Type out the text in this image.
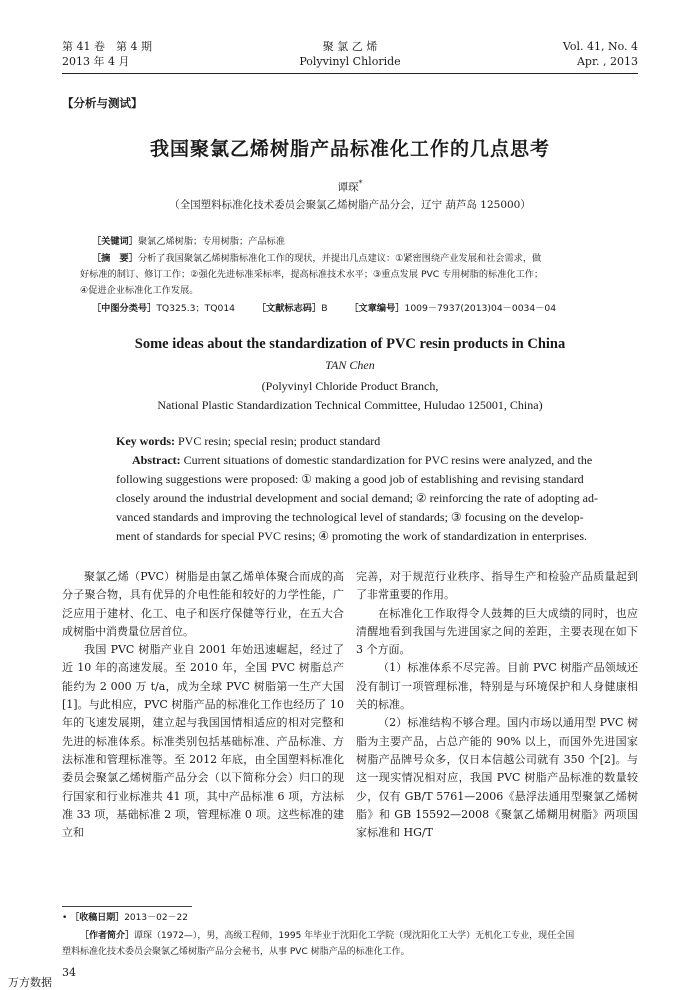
第 41 卷　第 4 期
2013 年 4 月
聚 氯 乙 烯
Polyvinyl Chloride
Vol. 41, No. 4
Apr. , 2013
【分析与测试】
我国聚氯乙烯树脂产品标准化工作的几点思考
谭琛*
（全国塑料标准化技术委员会聚氯乙烯树脂产品分会，辽宁 葫芦岛 125000）
［关键词］聚氯乙烯树脂；专用树脂；产品标准
［摘　要］分析了我国聚氯乙烯树脂标准化工作的现状，并提出几点建议：①紧密围绕产业发展和社会需求，做
好标准的制订、修订工作；②强化先进标准采标率，提高标准技术水平；③重点发展 PVC 专用树脂的标准化工作；
④促进企业标准化工作发展。
［中图分类号］TQ325.3；TQ014 ［文献标志码］B ［文章编号］1009－7937(2013)04－0034－04
Some ideas about the standardization of PVC resin products in China
TAN Chen
(Polyvinyl Chloride Product Branch,
National Plastic Standardization Technical Committee, Huludao 125001, China)
Key words: PVC resin; special resin; product standard
Abstract: Current situations of domestic standardization for PVC resins were analyzed, and the
following suggestions were proposed: ① making a good job of establishing and revising standard
closely around the industrial development and social demand; ② reinforcing the rate of adopting ad-
vanced standards and improving the technological level of standards; ③ focusing on the develop-
ment of standards for special PVC resins; ④ promoting the work of standardization in enterprises.

聚氯乙烯（PVC）树脂是由氯乙烯单体聚合而成的高分子聚合物，具有优异的介电性能和较好的力学性能，广泛应用于建材、化工、电子和医疗保健等行业，在五大合成树脂中消费量位居首位。

我国 PVC 树脂产业自 2001 年始迅速崛起，经过了近 10 年的高速发展。至 2010 年，全国 PVC 树脂总产能约为 2 000 万 t/a，成为全球 PVC 树脂第一生产大国[1]。与此相应，PVC 树脂产品的标准化工作也经历了 10 年的飞速发展期，建立起与我国国情相适应的相对完整和先进的标准体系。标准类别包括基础标准、产品标准、方法标准和管理标准等。至 2012 年底，由全国塑料标准化委员会聚氯乙烯树脂产品分会（以下简称分会）归口的现行国家和行业标准共 41 项，其中产品标准 6 项，方法标准 33 项，基础标准 2 项，管理标准 0 项。这些标准的建立和

完善，对于规范行业秩序、指导生产和检验产品质量起到了非常重要的作用。

在标准化工作取得令人鼓舞的巨大成绩的同时，也应清醒地看到我国与先进国家之间的差距，主要表现在如下 3 个方面。

（1）标准体系不尽完善。目前 PVC 树脂产品领域还没有制订一项管理标准，特别是与环境保护和人身健康相关的标准。

（2）标准结构不够合理。国内市场以通用型 PVC 树脂为主要产品，占总产能的 90% 以上，而国外先进国家树脂产品牌号众多，仅日本信越公司就有 350 个[2]。与这一现实情况相对应，我国 PVC 树脂产品标准的数量较少，仅有 GB/T 5761—2006《悬浮法通用型聚氯乙烯树脂》和 GB 15592—2008《聚氯乙烯糊用树脂》两项国家标准和 HG/T

• ［收稿日期］2013－02－22
［作者简介］谭琛（1972—），男，高级工程师，1995 年毕业于沈阳化工学院（现沈阳化工大学）无机化工专业，现任全国
塑料标准化技术委员会聚氯乙烯树脂产品分会秘书，从事 PVC 树脂产品的标准化工作。
34
万方数据
